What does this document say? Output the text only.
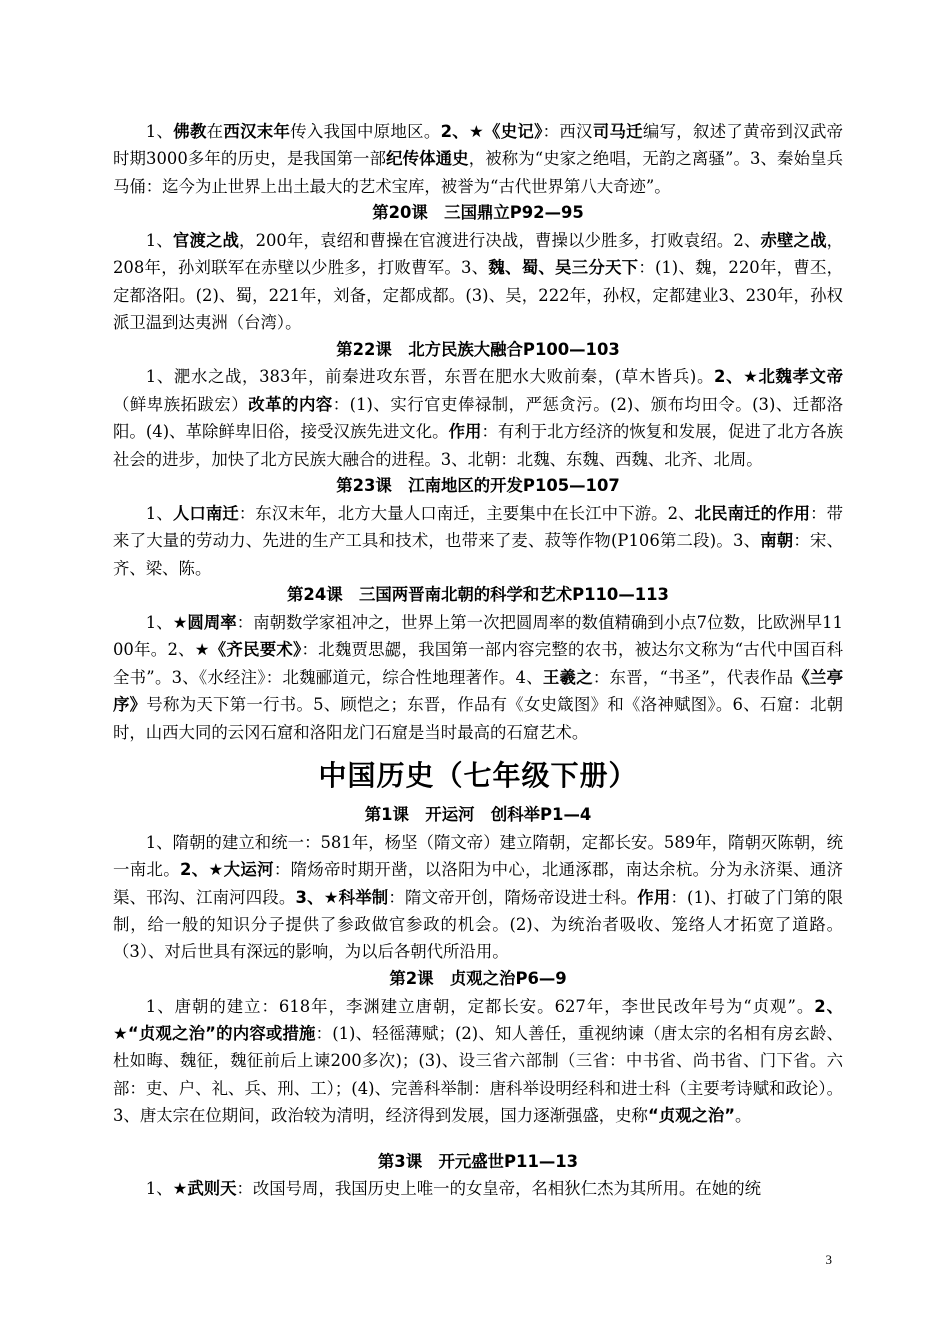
1、佛教在西汉末年传入我国中原地区。2、★《史记》：西汉司马迁编写，叙述了黄帝到汉武帝时期3000多年的历史，是我国第一部纪传体通史，被称为“史家之绝唱，无韵之离骚”。3、秦始皇兵马俑：迄今为止世界上出土最大的艺术宝库，被誉为“古代世界第八大奇迹”。

第20课　三国鼎立P92—95

1、官渡之战，200年，袁绍和曹操在官渡进行决战，曹操以少胜多，打败袁绍。2、赤壁之战，208年，孙刘联军在赤壁以少胜多，打败曹军。3、魏、蜀、吴三分天下：(1)、魏，220年，曹丕，定都洛阳。(2)、蜀，221年，刘备，定都成都。(3)、吴，222年，孙权，定都建业3、230年，孙权派卫温到达夷洲（台湾）。

第22课　北方民族大融合P100—103

1、淝水之战，383年，前秦进攻东晋，东晋在肥水大败前秦，(草木皆兵)。2、★北魏孝文帝（鲜卑族拓跋宏）改革的内容：(1)、实行官吏俸禄制，严惩贪污。(2)、颁布均田令。(3)、迁都洛阳。(4)、革除鲜卑旧俗，接受汉族先进文化。作用：有利于北方经济的恢复和发展，促进了北方各族社会的进步，加快了北方民族大融合的进程。3、北朝：北魏、东魏、西魏、北齐、北周。

第23课　江南地区的开发P105—107

1、人口南迁：东汉末年，北方大量人口南迁，主要集中在长江中下游。2、北民南迁的作用：带来了大量的劳动力、先进的生产工具和技术，也带来了麦、菽等作物(P106第二段)。3、南朝：宋、齐、梁、陈。

第24课　三国两晋南北朝的科学和艺术P110—113

1、★圆周率：南朝数学家祖冲之，世界上第一次把圆周率的数值精确到小点7位数，比欧洲早1100年。2、★《齐民要术》：北魏贾思勰，我国第一部内容完整的农书，被达尔文称为“古代中国百科全书”。3、《水经注》：北魏郦道元，综合性地理著作。4、王羲之：东晋，“书圣”，代表作品《兰亭序》号称为天下第一行书。5、顾恺之；东晋，作品有《女史箴图》和《洛神赋图》。6、石窟：北朝时，山西大同的云冈石窟和洛阳龙门石窟是当时最高的石窟艺术。

中国历史（七年级下册）
第1课　开运河　创科举P1—4

1、隋朝的建立和统一：581年，杨坚（隋文帝）建立隋朝，定都长安。589年，隋朝灭陈朝，统一南北。2、★大运河：隋炀帝时期开凿，以洛阳为中心，北通涿郡，南达余杭。分为永济渠、通济渠、邗沟、江南河四段。3、★科举制：隋文帝开创，隋炀帝设进士科。作用：(1)、打破了门第的限制，给一般的知识分子提供了参政做官参政的机会。(2)、为统治者吸收、笼络人才拓宽了道路。（3）、对后世具有深远的影响，为以后各朝代所沿用。

第2课　贞观之治P6—9

1、唐朝的建立：618年，李渊建立唐朝，定都长安。627年，李世民改年号为“贞观”。2、★“贞观之治”的内容或措施：(1)、轻徭薄赋；(2)、知人善任，重视纳谏（唐太宗的名相有房玄龄、杜如晦、魏征，魏征前后上谏200多次)；(3)、设三省六部制（三省：中书省、尚书省、门下省。六部：吏、户、礼、兵、刑、工）；(4)、完善科举制：唐科举设明经科和进士科（主要考诗赋和政论）。3、唐太宗在位期间，政治较为清明，经济得到发展，国力逐渐强盛，史称“贞观之治”。

第3课　开元盛世P11—13

1、★武则天：改国号周，我国历史上唯一的女皇帝，名相狄仁杰为其所用。在她的统

3
